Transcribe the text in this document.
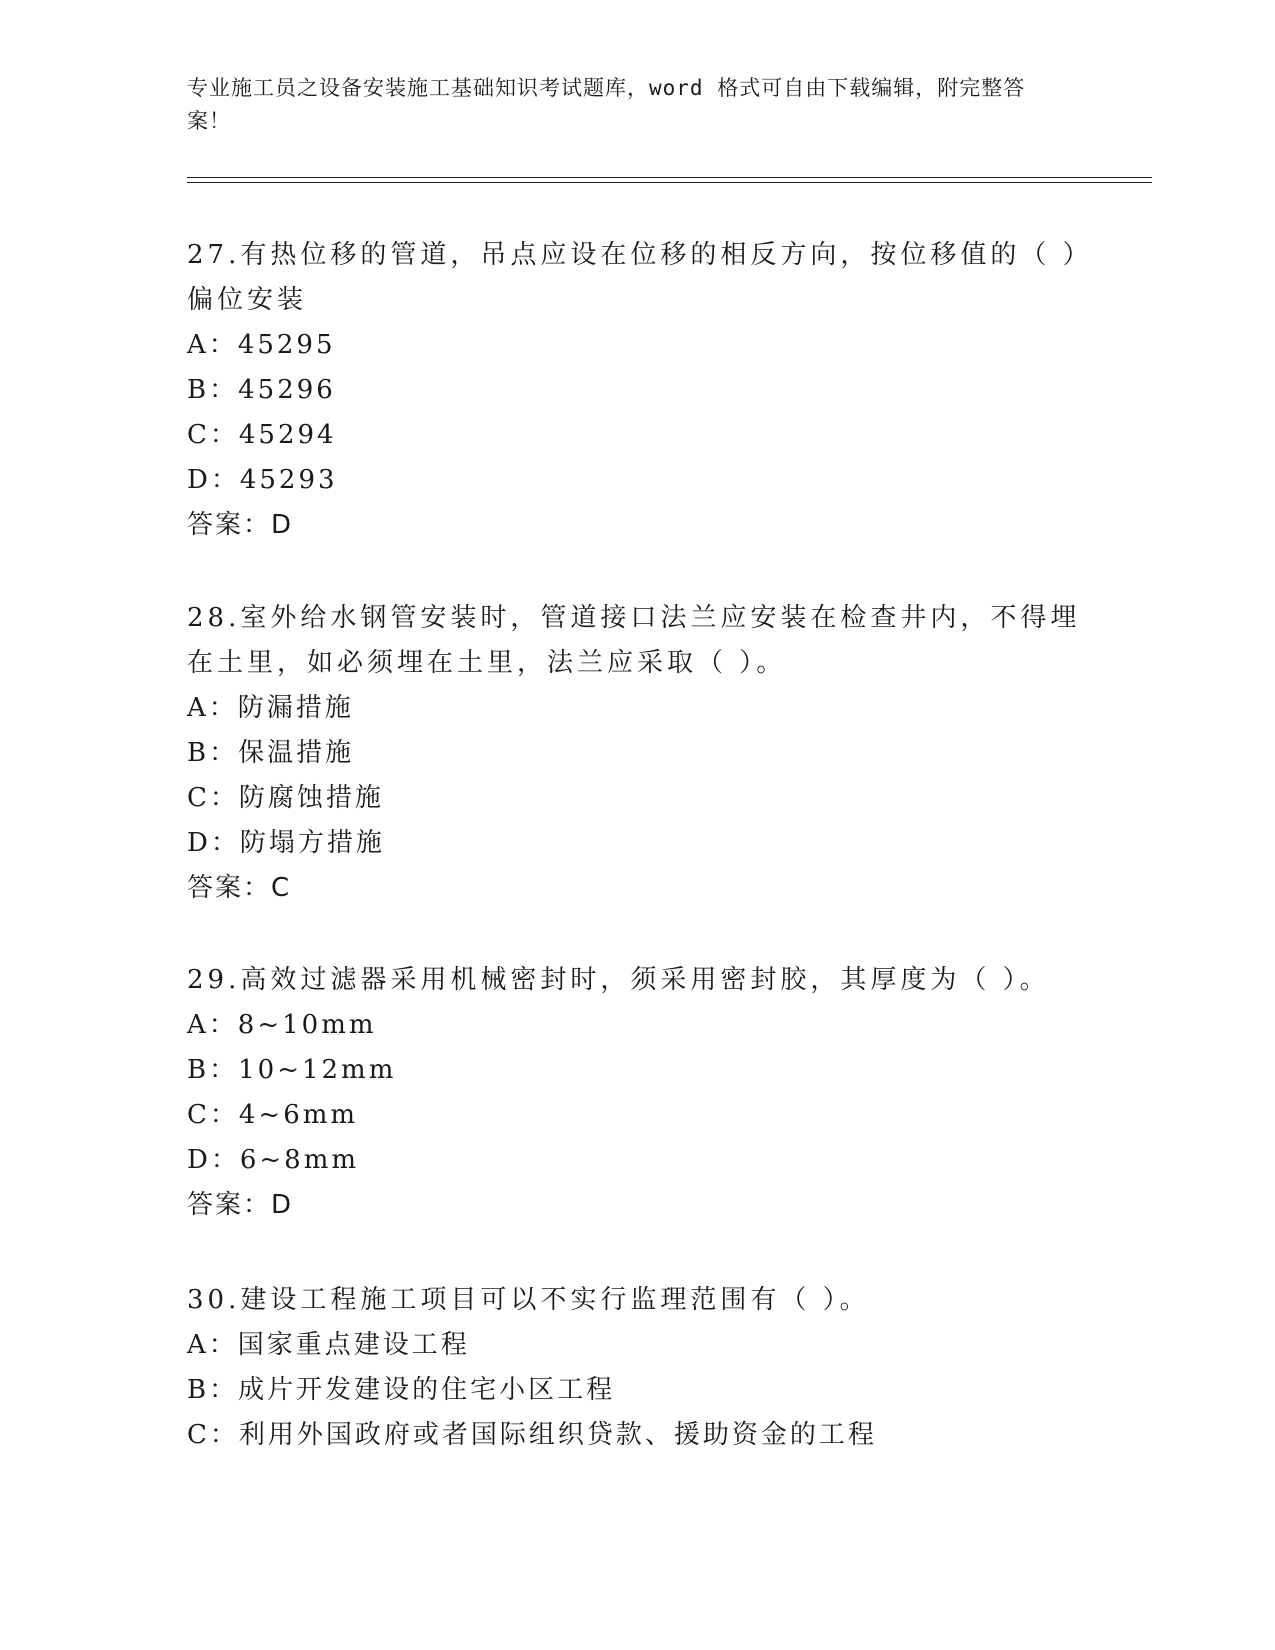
专业施工员之设备安装施工基础知识考试题库，word 格式可自由下载编辑，附完整答案！

27.有热位移的管道，吊点应设在位移的相反方向，按位移值的（ ）偏位安装

A：45295

B：45296

C：45294

D：45293

答案：D

28.室外给水钢管安装时，管道接口法兰应安装在检查井内，不得埋在土里，如必须埋在土里，法兰应采取（ ）。

A：防漏措施

B：保温措施

C：防腐蚀措施

D：防塌方措施

答案：C

29.高效过滤器采用机械密封时，须采用密封胶，其厚度为（ ）。

A：8~10mm

B：10~12mm

C：4~6mm

D：6~8mm

答案：D

30.建设工程施工项目可以不实行监理范围有（ ）。

A：国家重点建设工程

B：成片开发建设的住宅小区工程

C：利用外国政府或者国际组织贷款、援助资金的工程
